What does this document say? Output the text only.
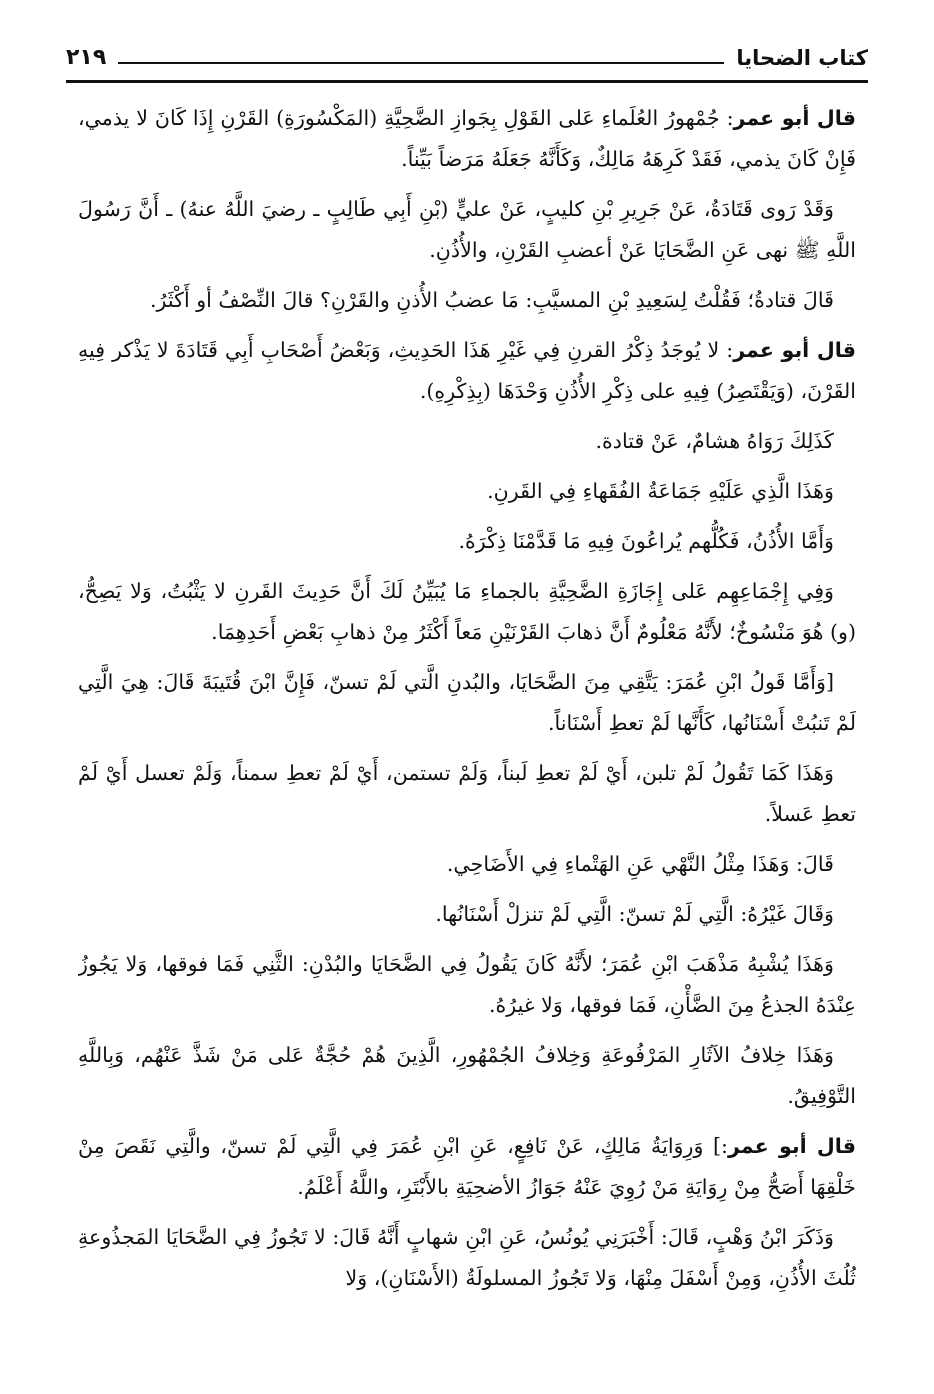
كتاب الضحايا
٢١٩

قال أبو عمر: جُمْهورُ العُلَماءِ عَلى القَوْلِ بِجَوازِ الضَّحِيَّةِ (المَكْسُورَةِ) القَرْنِ إِذَا كَانَ لا يذمي، فَإِنْ كَانَ يذمي، فَقَدْ كَرِهَهُ مَالِكٌ، وَكَأَنَّهُ جَعَلَهُ مَرَضاً بَيِّناً.

وَقَدْ رَوى قَتَادَةُ، عَنْ جَرِيرِ بْنِ كليبٍ، عَنْ عليٍّ (بْنِ أَبِي طَالِبٍ ـ رضيَ اللَّهُ عنهُ) ـ أَنَّ رَسُولَ اللَّهِ ﷺ نهى عَنِ الضَّحَايَا عَنْ أعضبِ القَرْنِ، والأُذُنِ.

قَالَ قتادةُ؛ فَقُلْتُ لِسَعِيدِ بْنِ المسيَّبِ: مَا عضبُ الأُذنِ والقَرْنِ؟ قالَ النِّصْفُ أو أَكْثَرُ.

قال أبو عمر: لا يُوجَدُ ذِكْرُ القرنِ فِي غَيْرِ هَذَا الحَدِيثِ، وَبَعْضُ أَصْحَابِ أَبِي قَتَادَةَ لا يَذْكر فِيهِ القَرْنَ، (وَيَقْتَصِرُ) فِيهِ على ذِكْرِ الأُذُنِ وَحْدَهَا (بِذِكْرِهِ).

كَذَلِكَ رَوَاهُ هشامٌ، عَنْ قتادة.

وَهَذَا الَّذِي عَلَيْهِ جَمَاعَةُ الفُقَهاءِ فِي القَرنِ.

وَأَمَّا الأُذُنُ، فَكُلُّهم يُراعُونَ فِيهِ مَا قَدَّمْنَا ذِكْرَهُ.

وَفِي إِجْمَاعِهِم عَلى إِجَازَةِ الضَّحِيَّةِ بالجماءِ مَا يُبَيِّنُ لَكَ أَنَّ حَدِيثَ القَرنِ لا يَثْبُتُ، وَلا يَصِحُّ، (و) هُوَ مَنْسُوخٌ؛ لأَنَّهُ مَعْلُومٌ أَنَّ ذهابَ القَرْنَيْنِ مَعاً أَكْثَرُ مِنْ ذهابِ بَعْضِ أَحَدِهِمَا.

[وَأَمَّا قَولُ ابْنِ عُمَرَ: يَتَّقِي مِنَ الضَّحَايَا، والبُدنِ الَّتي لَمْ تسنّ، فَإِنَّ ابْنَ قُتَيبَةَ قَالَ: هِيَ الَّتِي لَمْ تَنبُتْ أَسْنَانُها، كَأَنَّها لَمْ تعطِ أَسْنَاناً.

وَهَذَا كَمَا تَقُولُ لَمْ تلبن، أَيْ لَمْ تعطِ لَبناً، وَلَمْ تستمن، أَيْ لَمْ تعطِ سمناً، وَلَمْ تعسل أَيْ لَمْ تعطِ عَسلاً.

قَالَ: وَهَذَا مِثْلُ النَّهْي عَنِ الهَتْماءِ فِي الأَضَاحِي.

وَقَالَ غَيْرُهُ: الَّتِي لَمْ تسنّ: الَّتِي لَمْ تنزلْ أَسْنَانُها.

وَهَذَا يُشْبِهُ مَذْهَبَ ابْنِ عُمَرَ؛ لأَنَّهُ كَانَ يَقُولُ فِي الضَّحَايَا والبُدْنِ: الثَّنِي فَمَا فوقها، وَلا يَجُوزُ عِنْدَهُ الجذعُ مِنَ الضَّأْنِ، فَمَا فوقها، وَلا غيرُهُ.

وَهَذَا خِلافُ الآثَارِ المَرْفُوعَةِ وَخِلافُ الجُمْهُورِ، الَّذِينَ هُمْ حُجَّةٌ عَلى مَنْ شَذَّ عَنْهُم، وَبِاللَّهِ التَّوْفِيقُ.

قال أبو عمر:] وَرِوَايَةُ مَالِكٍ، عَنْ نَافِعٍ، عَنِ ابْنِ عُمَرَ فِي الَّتِي لَمْ تسنّ، والَّتِي نَقَصَ مِنْ خَلْقِهَا أَصَحُّ مِنْ رِوَايَةِ مَنْ رُوِيَ عَنْهُ جَوَازُ الأضحِيَةِ بالأَبْتَرِ، واللَّهُ أَعْلَمُ.

وَذَكَرَ ابْنُ وَهْبٍ، قَالَ: أَخْبَرَنِي يُونُسُ، عَنِ ابْنِ شهابٍ أَنَّهُ قَالَ: لا تَجُوزُ فِي الضَّحَايَا المَجذُوعةِ ثُلُثَ الأُذُنِ، وَمِنْ أَسْفَلَ مِنْهَا، وَلا تَجُوزُ المسلولَةُ (الأَسْنَانِ)، وَلا
